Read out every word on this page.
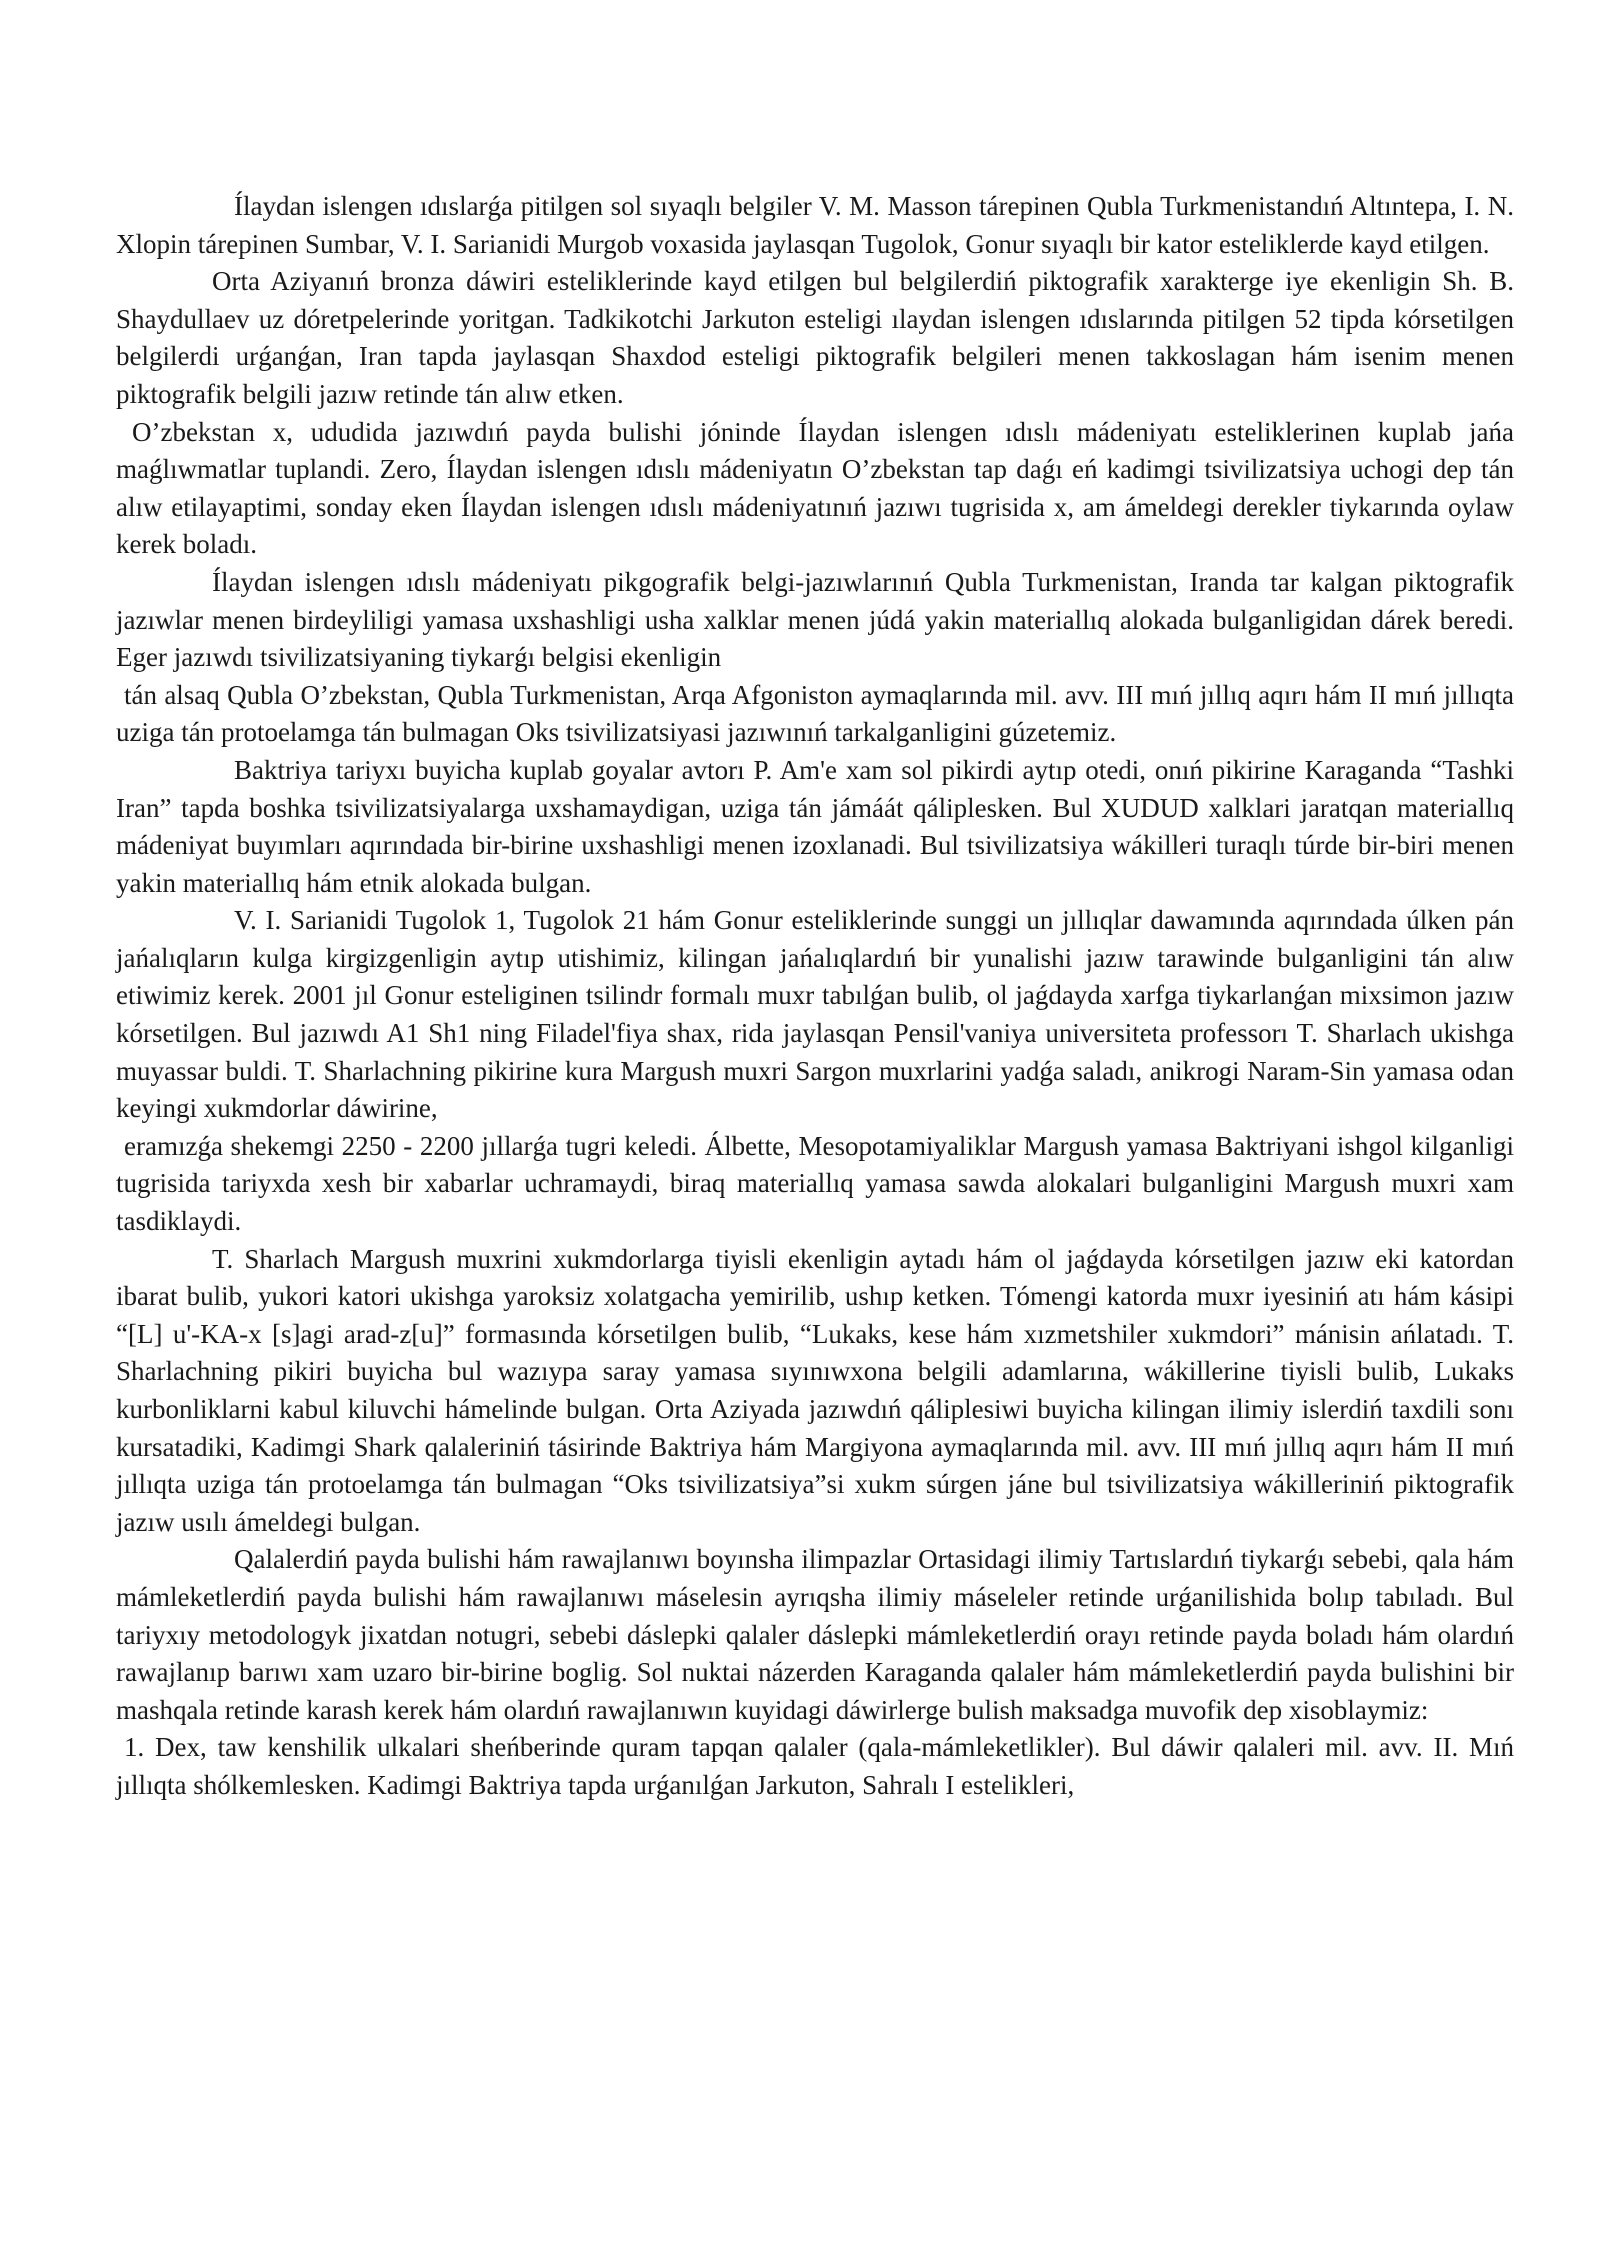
Ílaydan islengen ıdıslarǵa pitilgen sol sıyaqlı belgiler V. M. Masson tárepinen Qubla Turkmenistandıń Altıntepa, I. N. Xlopin tárepinen Sumbar, V. I. Sarianidi Murgob voxasida jaylasqan Tugolok, Gonur sıyaqlı bir kator esteliklerde kayd etilgen.

Orta Aziyanıń bronza dáwiri esteliklerinde kayd etilgen bul belgilerdiń piktografik xarakterge iye ekenligin Sh. B. Shaydullaev uz dóretpelerinde yoritgan. Tadkikotchi Jarkuton esteligi ılaydan islengen ıdıslarında pitilgen 52 tipda kórsetilgen belgilerdi urǵanǵan, Iran tapda jaylasqan Shaxdod esteligi piktografik belgileri menen takkoslagan hám isenim menen piktografik belgili jazıw retinde tán alıw etken.

O’zbekstan x, ududida jazıwdıń payda bulishi jóninde Ílaydan islengen ıdıslı mádeniyatı esteliklerinen kuplab jańa maǵlıwmatlar tuplandi. Zero, Ílaydan islengen ıdıslı mádeniyatın O’zbekstan tap daǵı eń kadimgi tsivilizatsiya uchogi dep tán alıw etilayaptimi, sonday eken Ílaydan islengen ıdıslı mádeniyatınıń jazıwı tugrisida x, am ámeldegi derekler tiykarında oylaw kerek boladı.

Ílaydan islengen ıdıslı mádeniyatı pikgografik belgi-jazıwlarınıń Qubla Turkmenistan, Iranda tar kalgan piktografik jazıwlar menen birdeyliligi yamasa uxshashligi usha xalklar menen júdá yakin materiallıq alokada bulganligidan dárek beredi. Eger jazıwdı tsivilizatsiyaning tiykarǵı belgisi ekenligin

tán alsaq Qubla O’zbekstan, Qubla Turkmenistan, Arqa Afgoniston aymaqlarında mil. avv. III mıń jıllıq aqırı hám II mıń jıllıqta uziga tán protoelamga tán bulmagan Oks tsivilizatsiyasi jazıwınıń tarkalganligini gúzetemiz.

Baktriya tariyxı buyicha kuplab goyalar avtorı P. Am'e xam sol pikirdi aytıp otedi, onıń pikirine Karaganda “Tashki Iran” tapda boshka tsivilizatsiyalarga uxshamaydigan, uziga tán jámáát qáliplesken. Bul XUDUD xalklari jaratqan materiallıq mádeniyat buyımları aqırındada bir-birine uxshashligi menen izoxlanadi. Bul tsivilizatsiya wákilleri turaqlı túrde bir-biri menen yakin materiallıq hám etnik alokada bulgan.

V. I. Sarianidi Tugolok 1, Tugolok 21 hám Gonur esteliklerinde sunggi un jıllıqlar dawamında aqırındada úlken pán jańalıqların kulga kirgizgenligin aytıp utishimiz, kilingan jańalıqlardıń bir yunalishi jazıw tarawinde bulganligini tán alıw etiwimiz kerek. 2001 jıl Gonur esteliginen tsilindr formalı muxr tabılǵan bulib, ol jaǵdayda xarfga tiykarlanǵan mixsimon jazıw kórsetilgen. Bul jazıwdı A1 Sh1 ning Filadel'fiya shax, rida jaylasqan Pensil'vaniya universiteta professorı T. Sharlach ukishga muyassar buldi. T. Sharlachning pikirine kura Margush muxri Sargon muxrlarini yadǵa saladı, anikrogi Naram-Sin yamasa odan keyingi xukmdorlar dáwirine,

eramızǵa shekemgi 2250 - 2200 jıllarǵa tugri keledi. Álbette, Mesopotamiyaliklar Margush yamasa Baktriyani ishgol kilganligi tugrisida tariyxda xesh bir xabarlar uchramaydi, biraq materiallıq yamasa sawda alokalari bulganligini Margush muxri xam tasdiklaydi.

T. Sharlach Margush muxrini xukmdorlarga tiyisli ekenligin aytadı hám ol jaǵdayda kórsetilgen jazıw eki katordan ibarat bulib, yukori katori ukishga yaroksiz xolatgacha yemirilib, ushıp ketken. Tómengi katorda muxr iyesiniń atı hám kásipi “[L] u'-KA-x [s]agi arad-z[u]” formasında kórsetilgen bulib, “Lukaks, kese hám xızmetshiler xukmdori” mánisin ańlatadı. T. Sharlachning pikiri buyicha bul wazıypa saray yamasa sıyınıwxona belgili adamlarına, wákillerine tiyisli bulib, Lukaks kurbonliklarni kabul kiluvchi hámelinde bulgan. Orta Aziyada jazıwdıń qáliplesiwi buyicha kilingan ilimiy islerdiń taxdili sonı kursatadiki, Kadimgi Shark qalaleriniń tásirinde Baktriya hám Margiyona aymaqlarında mil. avv. III mıń jıllıq aqırı hám II mıń jıllıqta uziga tán protoelamga tán bulmagan “Oks tsivilizatsiya”si xukm súrgen jáne bul tsivilizatsiya wákilleriniń piktografik jazıw usılı ámeldegi bulgan.

Qalalerdiń payda bulishi hám rawajlanıwı boyınsha ilimpazlar Ortasidagi ilimiy Tartıslardıń tiykarǵı sebebi, qala hám mámleketlerdiń payda bulishi hám rawajlanıwı máselesin ayrıqsha ilimiy máseleler retinde urǵanilishida bolıp tabıladı. Bul tariyxıy metodologyk jixatdan notugri, sebebi dáslepki qalaler dáslepki mámleketlerdiń orayı retinde payda boladı hám olardıń rawajlanıp barıwı xam uzaro bir-birine boglig. Sol nuktai názerden Karaganda qalaler hám mámleketlerdiń payda bulishini bir mashqala retinde karash kerek hám olardıń rawajlanıwın kuyidagi dáwirlerge bulish maksadga muvofik dep xisoblaymiz:

1. Dex, taw kenshilik ulkalari sheńberinde quram tapqan qalaler (qala-mámleketlikler). Bul dáwir qalaleri mil. avv. II. Mıń jıllıqta shólkemlesken. Kadimgi Baktriya tapda urǵanılǵan Jarkuton, Sahralı I estelikleri,
